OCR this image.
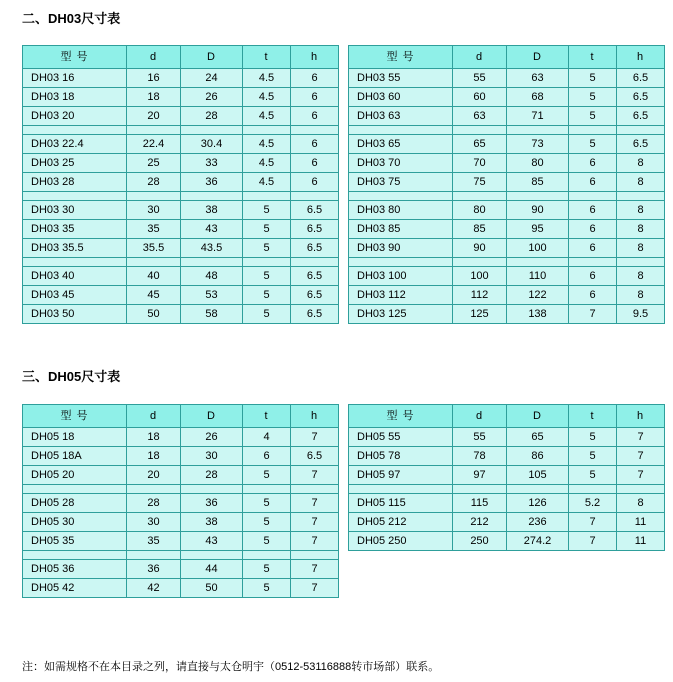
二、DH03尺寸表
型 号	d	D	t	h
DH03 16	16	24	4.5	6
DH03 18	18	26	4.5	6
DH03 20	20	28	4.5	6

DH03 22.4	22.4	30.4	4.5	6
DH03 25	25	33	4.5	6
DH03 28	28	36	4.5	6

DH03 30	30	38	5	6.5
DH03 35	35	43	5	6.5
DH03 35.5	35.5	43.5	5	6.5

DH03 40	40	48	5	6.5
DH03 45	45	53	5	6.5
DH03 50	50	58	5	6.5
型 号	d	D	t	h
DH03 55	55	63	5	6.5
DH03 60	60	68	5	6.5
DH03 63	63	71	5	6.5

DH03 65	65	73	5	6.5
DH03 70	70	80	6	8
DH03 75	75	85	6	8

DH03 80	80	90	6	8
DH03 85	85	95	6	8
DH03 90	90	100	6	8

DH03 100	100	110	6	8
DH03 112	112	122	6	8
DH03 125	125	138	7	9.5
三、DH05尺寸表
型 号	d	D	t	h
DH05 18	18	26	4	7
DH05 18A	18	30	6	6.5
DH05 20	20	28	5	7

DH05 28	28	36	5	7
DH05 30	30	38	5	7
DH05 35	35	43	5	7

DH05 36	36	44	5	7
DH05 42	42	50	5	7
型 号	d	D	t	h
DH05 55	55	65	5	7
DH05 78	78	86	5	7
DH05 97	97	105	5	7

DH05 115	115	126	5.2	8
DH05 212	212	236	7	11
DH05 250	250	274.2	7	11
注：如需规格不在本目录之列，请直接与太仓明宇（0512-53116888转市场部）联系。
